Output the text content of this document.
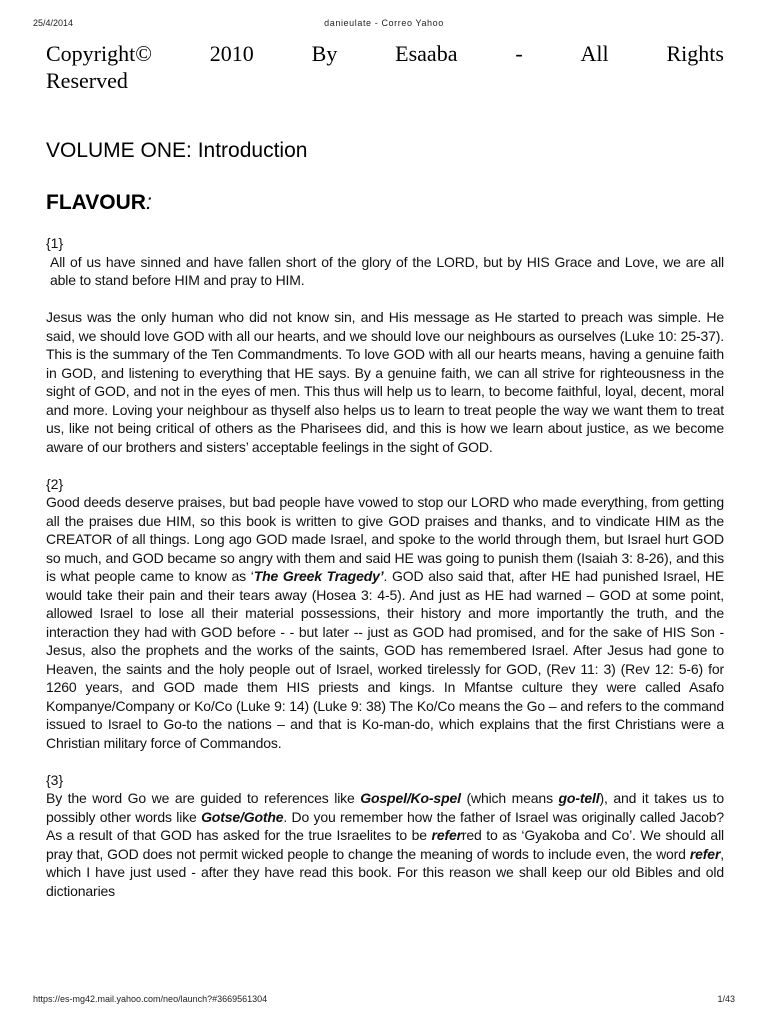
25/4/2014	danieulate - Correo Yahoo
Copyright©	2010	By	Esaaba	-	All	Rights
Reserved
VOLUME ONE: Introduction
FLAVOUR:
{1}

All of us have sinned and have fallen short of the glory of the LORD, but by HIS Grace and Love, we are all able to stand before HIM and pray to HIM.

Jesus was the only human who did not know sin, and His message as He started to preach was simple. He said, we should love GOD with all our hearts, and we should love our neighbours as ourselves (Luke 10: 25-37). This is the summary of the Ten Commandments. To love GOD with all our hearts means, having a genuine faith in GOD, and listening to everything that HE says. By a genuine faith, we can all strive for righteousness in the sight of GOD, and not in the eyes of men. This thus will help us to learn, to become faithful, loyal, decent, moral and more. Loving your neighbour as thyself also helps us to learn to treat people the way we want them to treat us, like not being critical of others as the Pharisees did, and this is how we learn about justice, as we become aware of our brothers and sisters’ acceptable feelings in the sight of GOD.

{2}

Good deeds deserve praises, but bad people have vowed to stop our LORD who made everything, from getting all the praises due HIM, so this book is written to give GOD praises and thanks, and to vindicate HIM as the CREATOR of all things. Long ago GOD made Israel, and spoke to the world through them, but Israel hurt GOD so much, and GOD became so angry with them and said HE was going to punish them (Isaiah 3: 8-26), and this is what people came to know as ‘The Greek Tragedy’. GOD also said that, after HE had punished Israel, HE would take their pain and their tears away (Hosea 3: 4-5). And just as HE had warned – GOD at some point, allowed Israel to lose all their material possessions, their history and more importantly the truth, and the interaction they had with GOD before - - but later -- just as GOD had promised, and for the sake of HIS Son - Jesus, also the prophets and the works of the saints, GOD has remembered Israel. After Jesus had gone to Heaven, the saints and the holy people out of Israel, worked tirelessly for GOD, (Rev 11: 3) (Rev 12: 5-6) for 1260 years, and GOD made them HIS priests and kings. In Mfantse culture they were called Asafo Kompanye/Company or Ko/Co (Luke 9: 14) (Luke 9: 38) The Ko/Co means the Go – and refers to the command issued to Israel to Go-to the nations – and that is Ko-man-do, which explains that the first Christians were a Christian military force of Commandos.

{3}

By the word Go we are guided to references like Gospel/Ko-spel (which means go-tell), and it takes us to possibly other words like Gotse/Gothe. Do you remember how the father of Israel was originally called Jacob? As a result of that GOD has asked for the true Israelites to be referred to as ‘Gyakoba and Co’. We should all pray that, GOD does not permit wicked people to change the meaning of words to include even, the word refer, which I have just used - after they have read this book. For this reason we shall keep our old Bibles and old dictionaries

https://es-mg42.mail.yahoo.com/neo/launch?#3669561304	1/43
